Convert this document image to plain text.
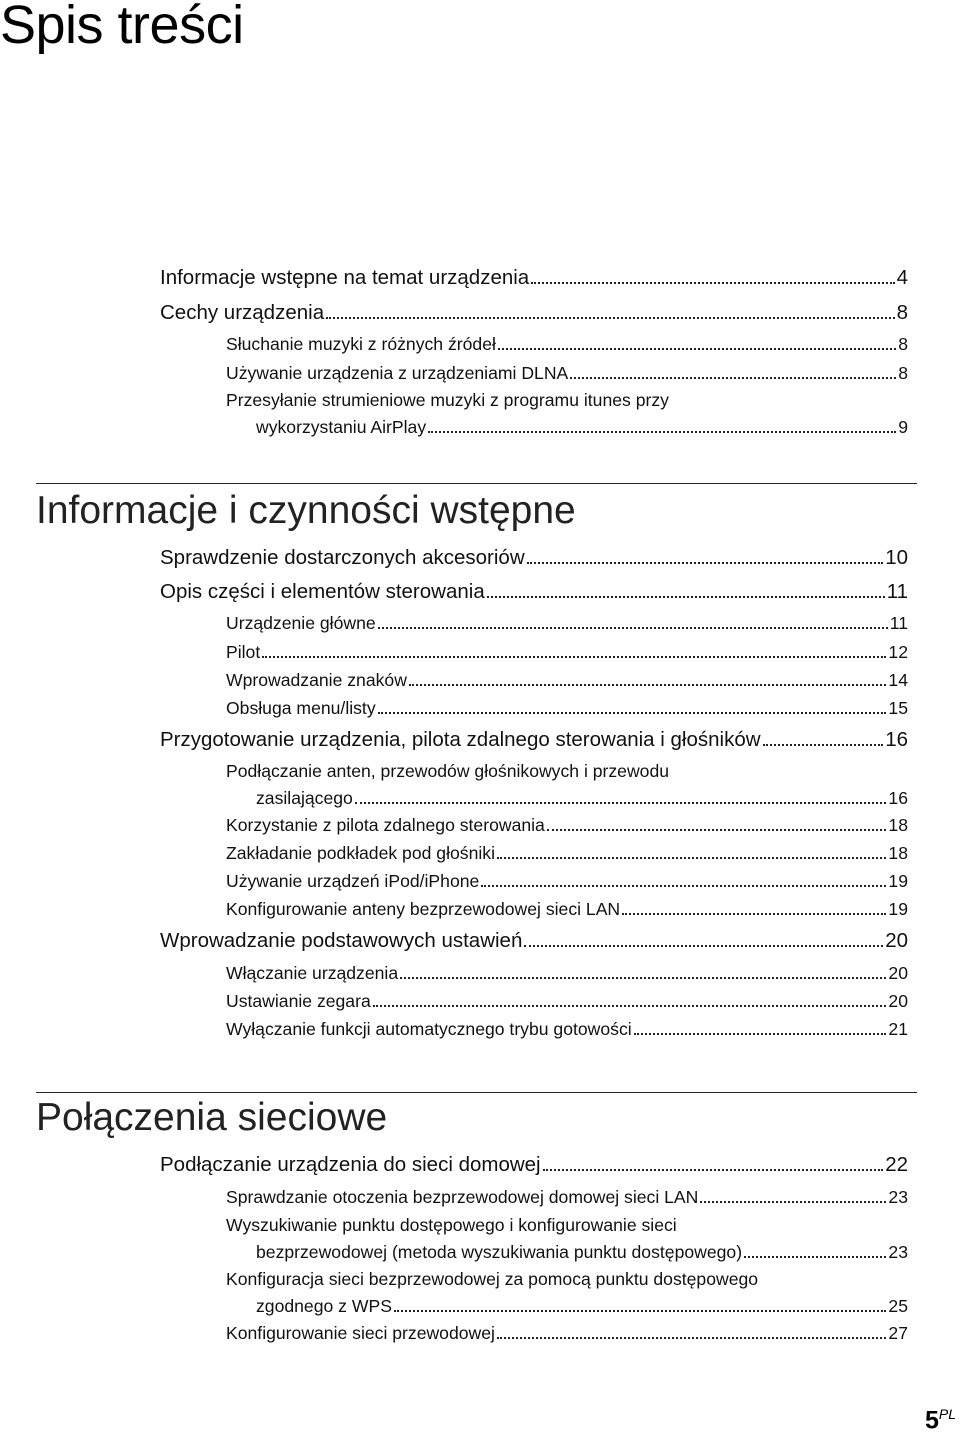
Spis treści
Informacje wstępne na temat urządzenia	4
Cechy urządzenia	8
Słuchanie muzyki z różnych źródeł	8
Używanie urządzenia z urządzeniami DLNA	8
Przesyłanie strumieniowe muzyki z programu itunes przy
wykorzystaniu AirPlay	9
Informacje i czynności wstępne
Sprawdzenie dostarczonych akcesoriów	10
Opis części i elementów sterowania	11
Urządzenie główne	11
Pilot	12
Wprowadzanie znaków	14
Obsługa menu/listy	15
Przygotowanie urządzenia, pilota zdalnego sterowania i głośników	16
Podłączanie anten, przewodów głośnikowych i przewodu
zasilającego	16
Korzystanie z pilota zdalnego sterowania	18
Zakładanie podkładek pod głośniki	18
Używanie urządzeń iPod/iPhone	19
Konfigurowanie anteny bezprzewodowej sieci LAN	19
Wprowadzanie podstawowych ustawień	20
Włączanie urządzenia	20
Ustawianie zegara	20
Wyłączanie funkcji automatycznego trybu gotowości	21
Połączenia sieciowe
Podłączanie urządzenia do sieci domowej	22
Sprawdzanie otoczenia bezprzewodowej domowej sieci LAN	23
Wyszukiwanie punktu dostępowego i konfigurowanie sieci
bezprzewodowej (metoda wyszukiwania punktu dostępowego)	23
Konfiguracja sieci bezprzewodowej za pomocą punktu dostępowego
zgodnego z WPS	25
Konfigurowanie sieci przewodowej	27
$5^{PL}$
